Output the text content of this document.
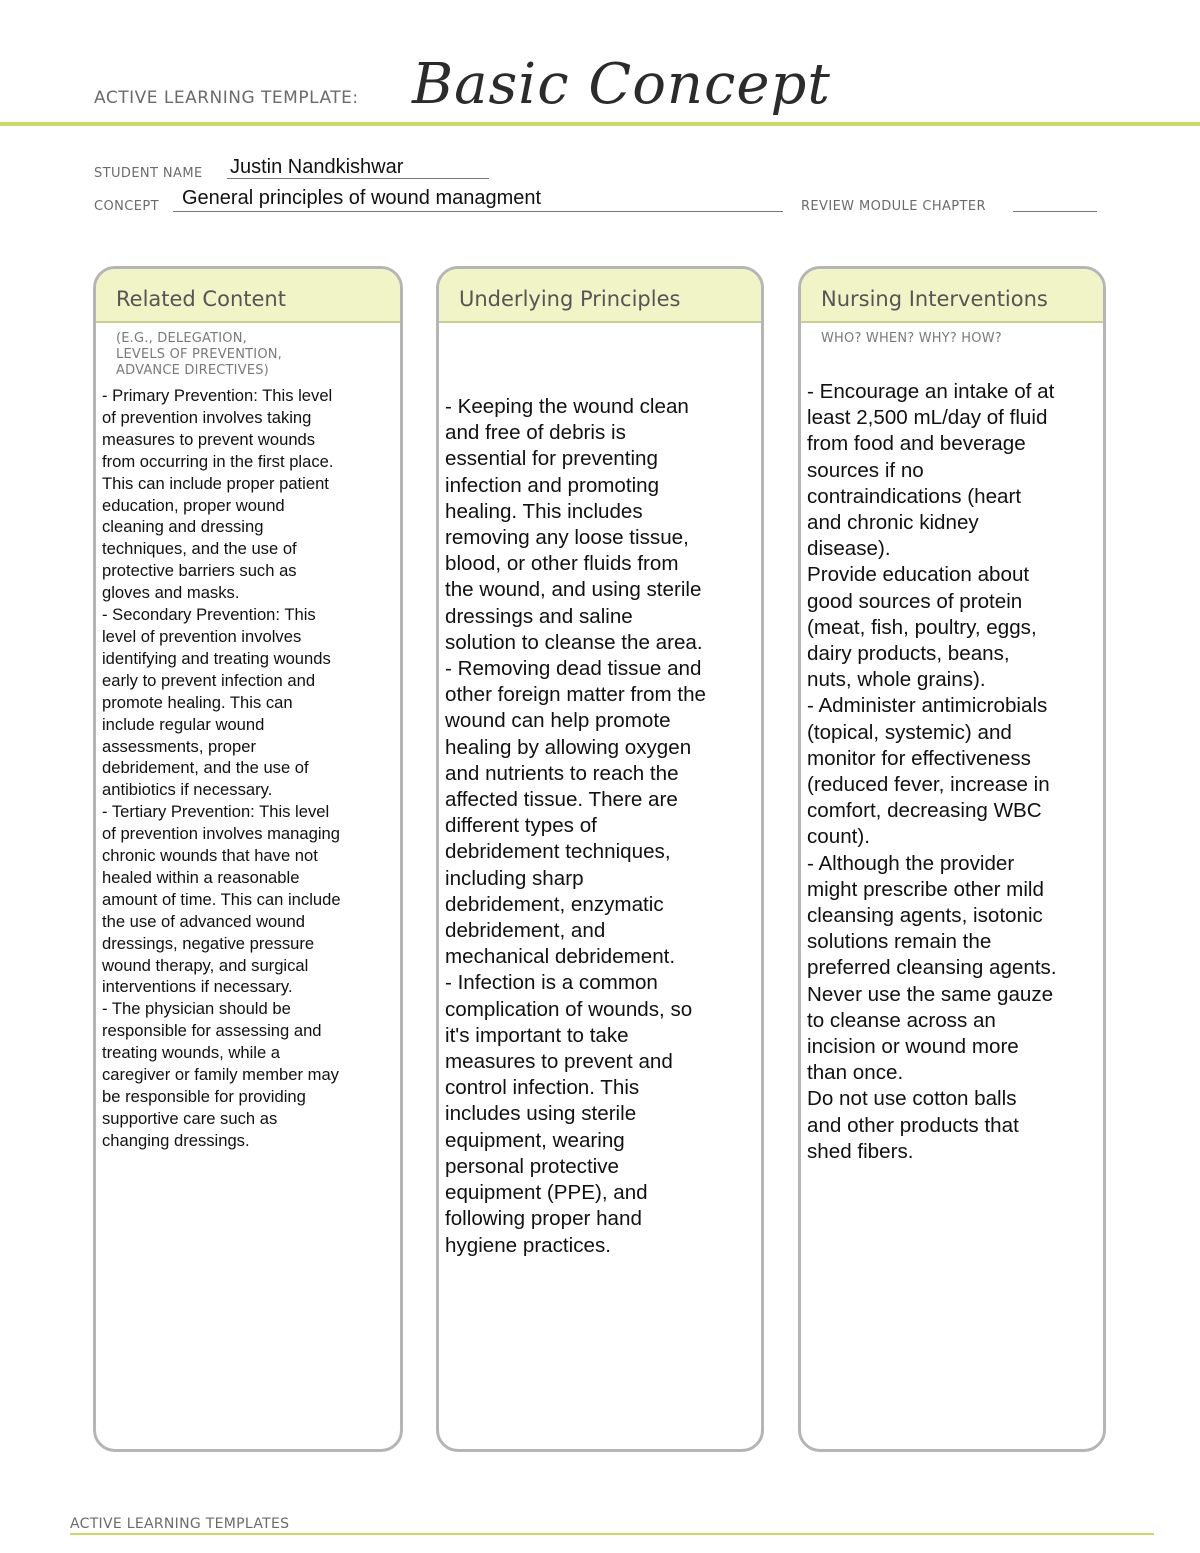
ACTIVE LEARNING TEMPLATE: Basic Concept
STUDENT NAME Justin Nandkishwar
CONCEPT General principles of wound managment	REVIEW MODULE CHAPTER
Related Content
(E.G., DELEGATION,
LEVELS OF PREVENTION,
ADVANCE DIRECTIVES)
- Primary Prevention: This level
of prevention involves taking
measures to prevent wounds
from occurring in the first place.
This can include proper patient
education, proper wound
cleaning and dressing
techniques, and the use of
protective barriers such as
gloves and masks.
- Secondary Prevention: This
level of prevention involves
identifying and treating wounds
early to prevent infection and
promote healing. This can
include regular wound
assessments, proper
debridement, and the use of
antibiotics if necessary.
- Tertiary Prevention: This level
of prevention involves managing
chronic wounds that have not
healed within a reasonable
amount of time. This can include
the use of advanced wound
dressings, negative pressure
wound therapy, and surgical
interventions if necessary.
- The physician should be
responsible for assessing and
treating wounds, while a
caregiver or family member may
be responsible for providing
supportive care such as
changing dressings.
Underlying Principles
- Keeping the wound clean
and free of debris is
essential for preventing
infection and promoting
healing. This includes
removing any loose tissue,
blood, or other fluids from
the wound, and using sterile
dressings and saline
solution to cleanse the area.
- Removing dead tissue and
other foreign matter from the
wound can help promote
healing by allowing oxygen
and nutrients to reach the
affected tissue. There are
different types of
debridement techniques,
including sharp
debridement, enzymatic
debridement, and
mechanical debridement.
- Infection is a common
complication of wounds, so
it's important to take
measures to prevent and
control infection. This
includes using sterile
equipment, wearing
personal protective
equipment (PPE), and
following proper hand
hygiene practices.
Nursing Interventions
WHO? WHEN? WHY? HOW?
- Encourage an intake of at
least 2,500 mL/day of fluid
from food and beverage
sources if no
contraindications (heart
and chronic kidney
disease).
Provide education about
good sources of protein
(meat, fish, poultry, eggs,
dairy products, beans,
nuts, whole grains).
- Administer antimicrobials
(topical, systemic) and
monitor for effectiveness
(reduced fever, increase in
comfort, decreasing WBC
count).
- Although the provider
might prescribe other mild
cleansing agents, isotonic
solutions remain the
preferred cleansing agents.
Never use the same gauze
to cleanse across an
incision or wound more
than once.
Do not use cotton balls
and other products that
shed fibers.
ACTIVE LEARNING TEMPLATES
